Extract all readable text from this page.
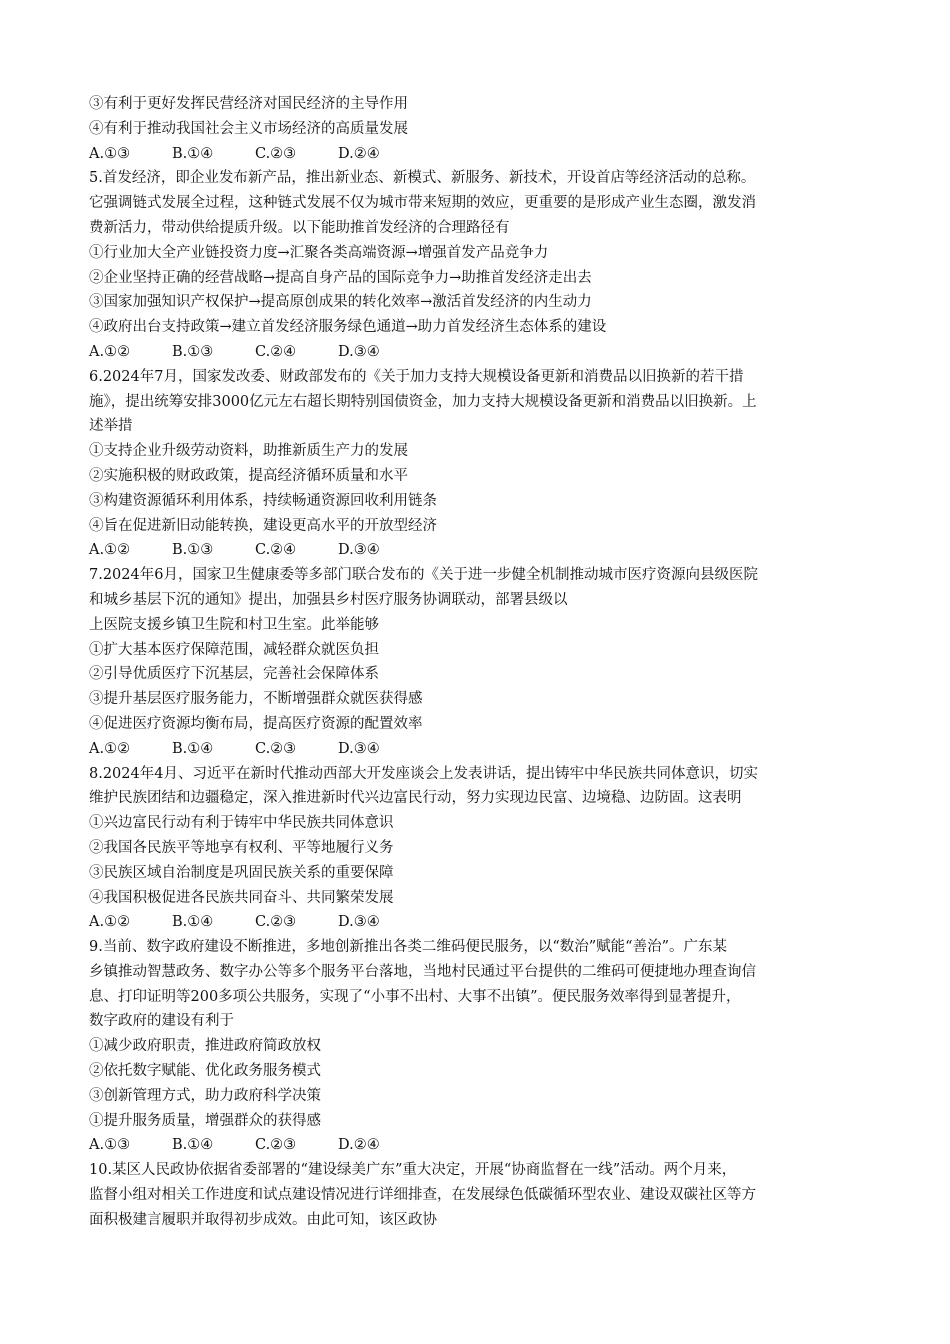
③有利于更好发挥民营经济对国民经济的主导作用
④有利于推动我国社会主义市场经济的高质量发展
A.①③	B.①④	C.②③	D.②④
5.首发经济，即企业发布新产品，推出新业态、新模式、新服务、新技术，开设首店等经济活动的总称。
它强调链式发展全过程，这种链式发展不仅为城市带来短期的效应，更重要的是形成产业生态圈，激发消
费新活力，带动供给提质升级。以下能助推首发经济的合理路径有
①行业加大全产业链投资力度→汇聚各类高端资源→增强首发产品竞争力
②企业坚持正确的经营战略→提高自身产品的国际竞争力→助推首发经济走出去
③国家加强知识产权保护→提高原创成果的转化效率→激活首发经济的内生动力
④政府出台支持政策→建立首发经济服务绿色通道→助力首发经济生态体系的建设
A.①②	B.①③	C.②④	D.③④
6.2024年7月，国家发改委、财政部发布的《关于加力支持大规模设备更新和消费品以旧换新的若干措
施》，提出统筹安排3000亿元左右超长期特别国债资金，加力支持大规模设备更新和消费品以旧换新。上
述举措
①支持企业升级劳动资料，助推新质生产力的发展
②实施积极的财政政策，提高经济循环质量和水平
③构建资源循环利用体系，持续畅通资源回收利用链条
④旨在促进新旧动能转换，建设更高水平的开放型经济
A.①②	B.①③	C.②④	D.③④
7.2024年6月，国家卫生健康委等多部门联合发布的《关于进一步健全机制推动城市医疗资源向县级医院
和城乡基层下沉的通知》提出，加强县乡村医疗服务协调联动，部署县级以
上医院支援乡镇卫生院和村卫生室。此举能够
①扩大基本医疗保障范围，减轻群众就医负担
②引导优质医疗下沉基层，完善社会保障体系
③提升基层医疗服务能力，不断增强群众就医获得感
④促进医疗资源均衡布局，提高医疗资源的配置效率
A.①②	B.①④	C.②③	D.③④
8.2024年4月、习近平在新时代推动西部大开发座谈会上发表讲话，提出铸牢中华民族共同体意识，切实
维护民族团结和边疆稳定，深入推进新时代兴边富民行动，努力实现边民富、边境稳、边防固。这表明
①兴边富民行动有利于铸牢中华民族共同体意识
②我国各民族平等地享有权利、平等地履行义务
③民族区域自治制度是巩固民族关系的重要保障
④我国积极促进各民族共同奋斗、共同繁荣发展
A.①②	B.①④	C.②③	D.③④
9.当前、数字政府建设不断推进，多地创新推出各类二维码便民服务，以“数治”赋能“善治”。广东某
乡镇推动智慧政务、数字办公等多个服务平台落地，当地村民通过平台提供的二维码可便捷地办理查询信
息、打印证明等200多项公共服务，实现了“小事不出村、大事不出镇”。便民服务效率得到显著提升，
数字政府的建设有利于
①减少政府职责，推进政府简政放权
②依托数字赋能、优化政务服务模式
③创新管理方式，助力政府科学决策
①提升服务质量，增强群众的获得感
A.①③	B.①④	C.②③	D.②④
10.某区人民政协依据省委部署的“建设绿美广东”重大决定，开展“协商监督在一线”活动。两个月来，
监督小组对相关工作进度和试点建设情况进行详细排查，在发展绿色低碳循环型农业、建设双碳社区等方
面积极建言履职并取得初步成效。由此可知，该区政协
